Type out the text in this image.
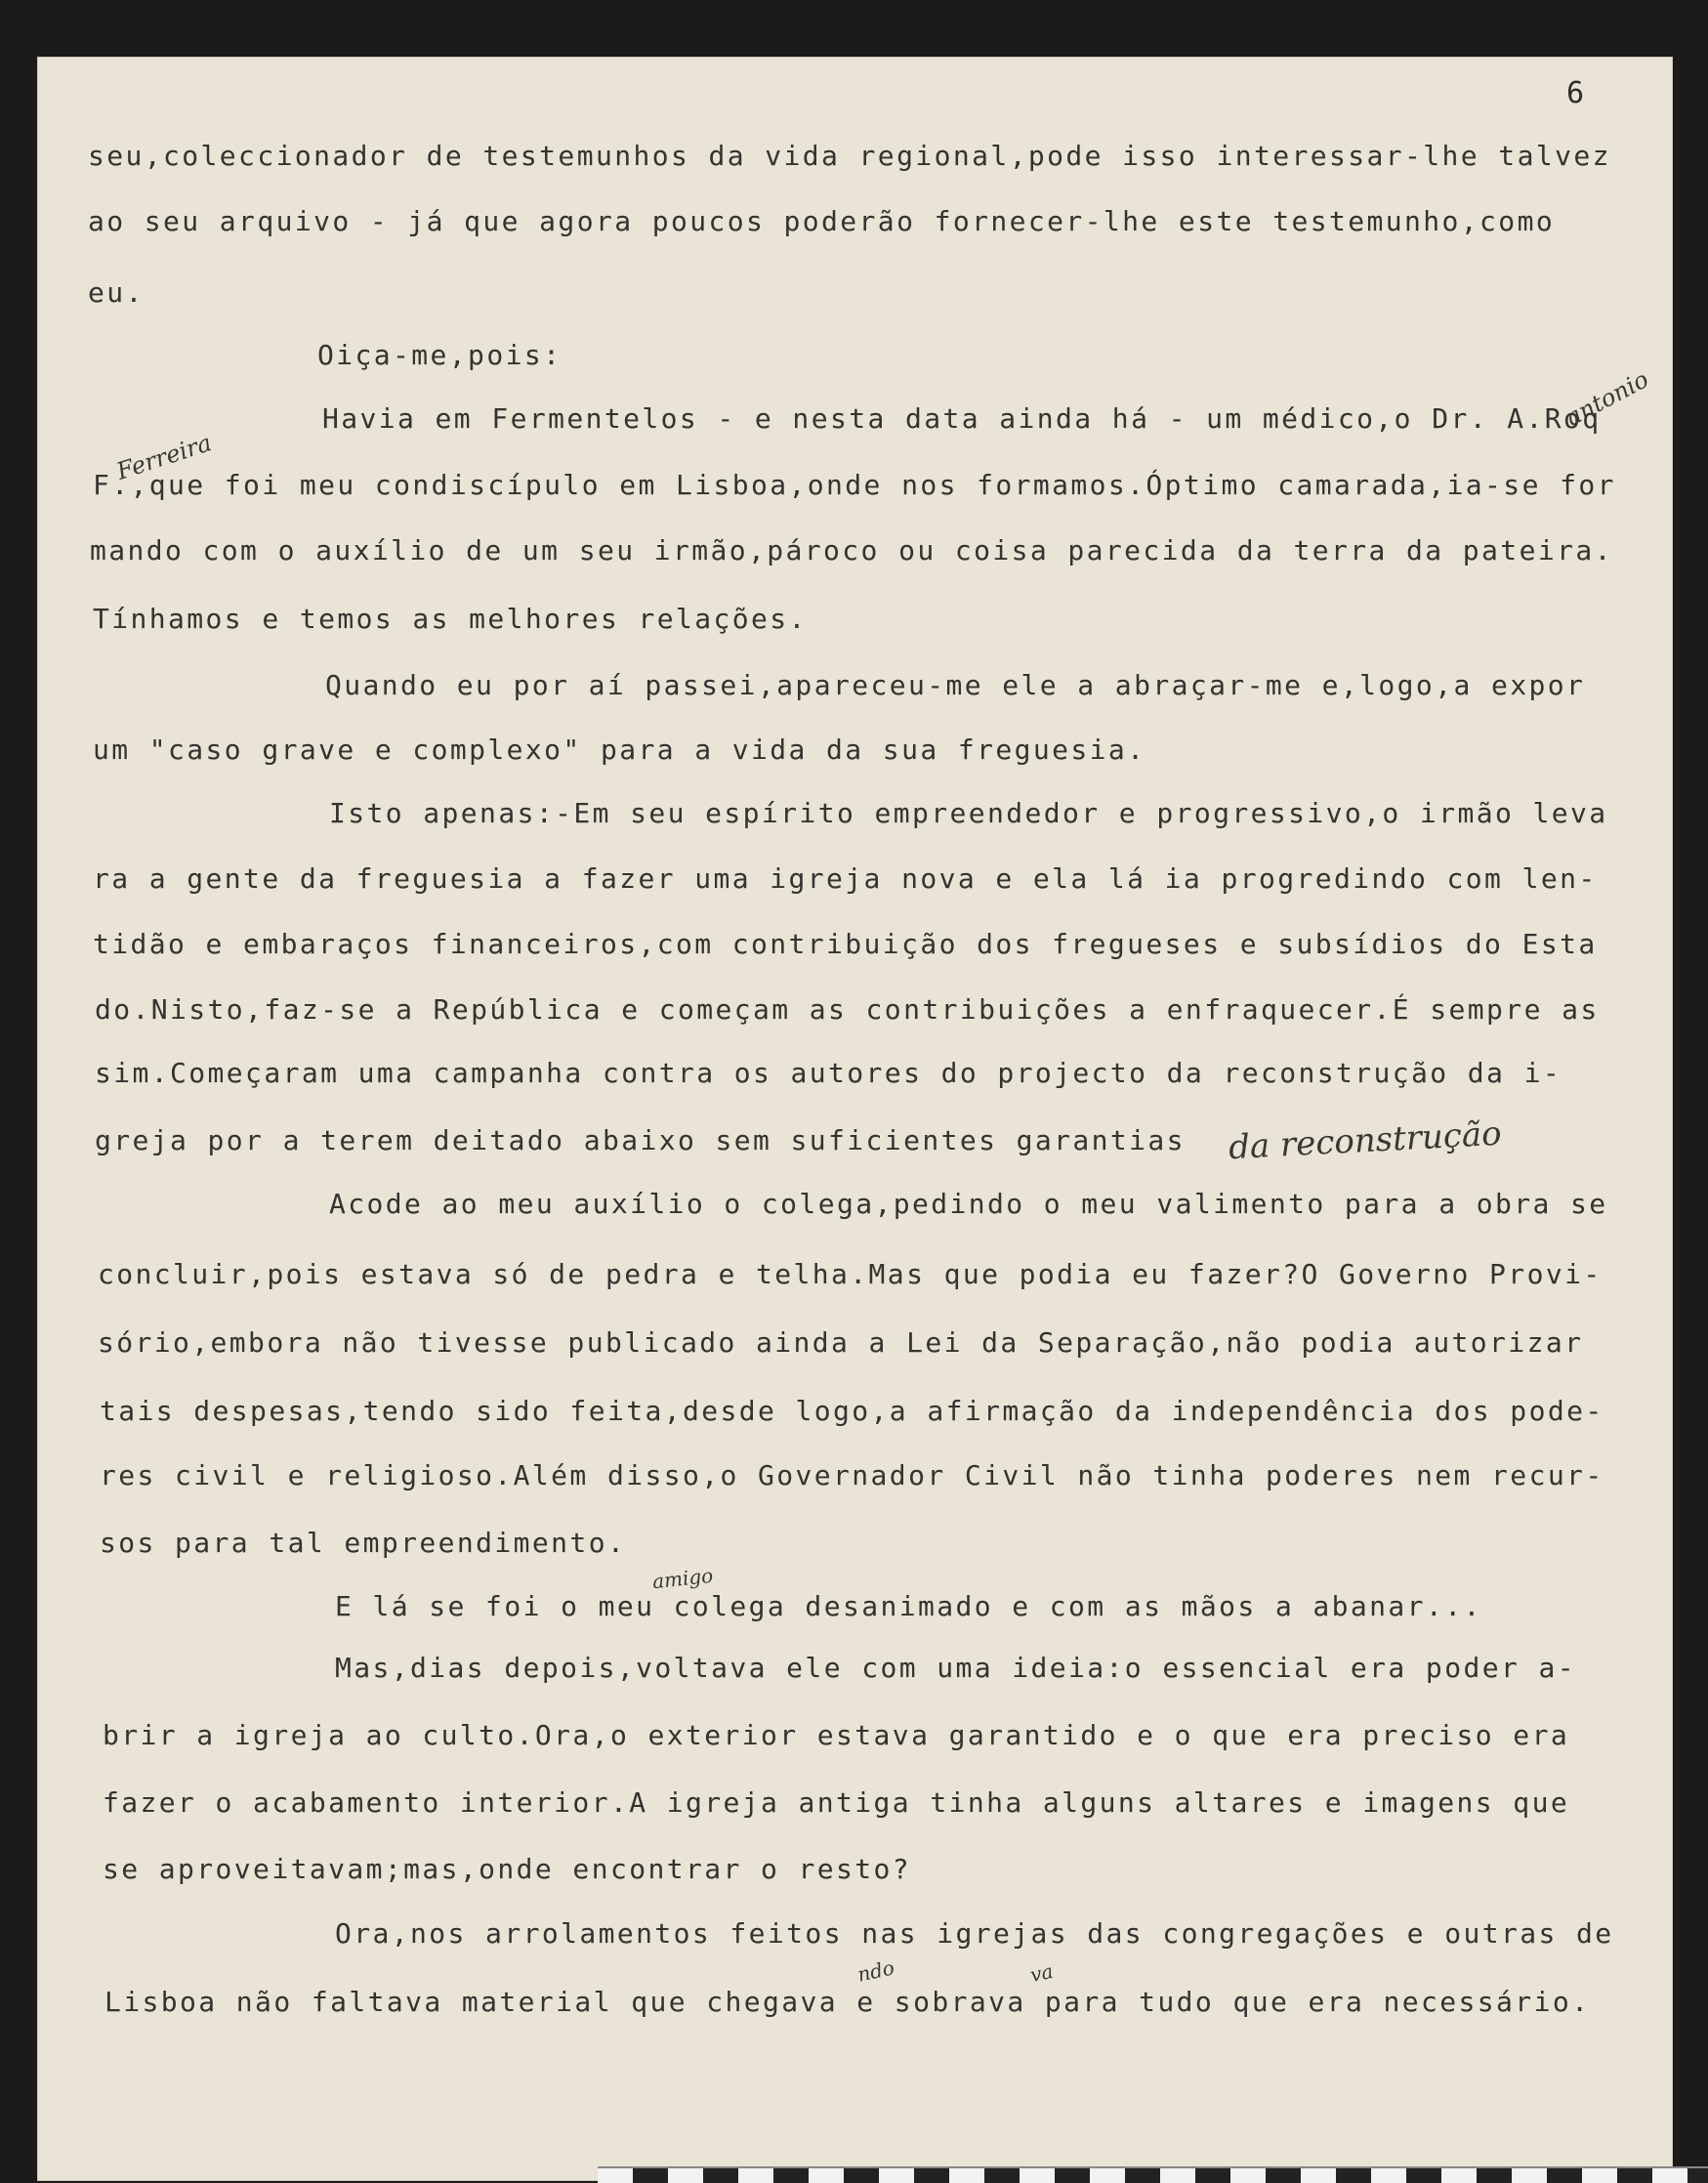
6
seu,coleccionador de testemunhos da vida regional,pode isso interessar-lhe talvez
ao seu arquivo - já que agora poucos poderão fornecer-lhe este testemunho,como
eu.
Oiça-me,pois:
Havia em Fermentelos - e nesta data ainda há - um médico,o Dr. A.Roq
F.,que foi meu condiscípulo em Lisboa,onde nos formamos.Óptimo camarada,ia-se for
mando com o auxílio de um seu irmão,pároco ou coisa parecida da terra da pateira.
Tínhamos e temos as melhores relações.
Quando eu por aí passei,apareceu-me ele a abraçar-me e,logo,a expor
um "caso grave e complexo" para a vida da sua freguesia.
Isto apenas:-Em seu espírito empreendedor e progressivo,o irmão leva
ra a gente da freguesia a fazer uma igreja nova e ela lá ia progredindo com len-
tidão e embaraços financeiros,com contribuição dos fregueses e subsídios do Esta
do.Nisto,faz-se a República e começam as contribuições a enfraquecer.É sempre as
sim.Começaram uma campanha contra os autores do projecto da reconstrução da i-
greja por a terem deitado abaixo sem suficientes garantias
Acode ao meu auxílio o colega,pedindo o meu valimento para a obra se
concluir,pois estava só de pedra e telha.Mas que podia eu fazer?O Governo Provi-
sório,embora não tivesse publicado ainda a Lei da Separação,não podia autorizar
tais despesas,tendo sido feita,desde logo,a afirmação da independência dos pode-
res civil e religioso.Além disso,o Governador Civil não tinha poderes nem recur-
sos para tal empreendimento.
E lá se foi o meu colega desanimado e com as mãos a abanar...
Mas,dias depois,voltava ele com uma ideia:o essencial era poder a-
brir a igreja ao culto.Ora,o exterior estava garantido e o que era preciso era
fazer o acabamento interior.A igreja antiga tinha alguns altares e imagens que
se aproveitavam;mas,onde encontrar o resto?
Ora,nos arrolamentos feitos nas igrejas das congregações e outras de
Lisboa não faltava material que chegava e sobrava para tudo que era necessário.
antonio
Ferreira
da reconstrução
amigo
ndo	va
